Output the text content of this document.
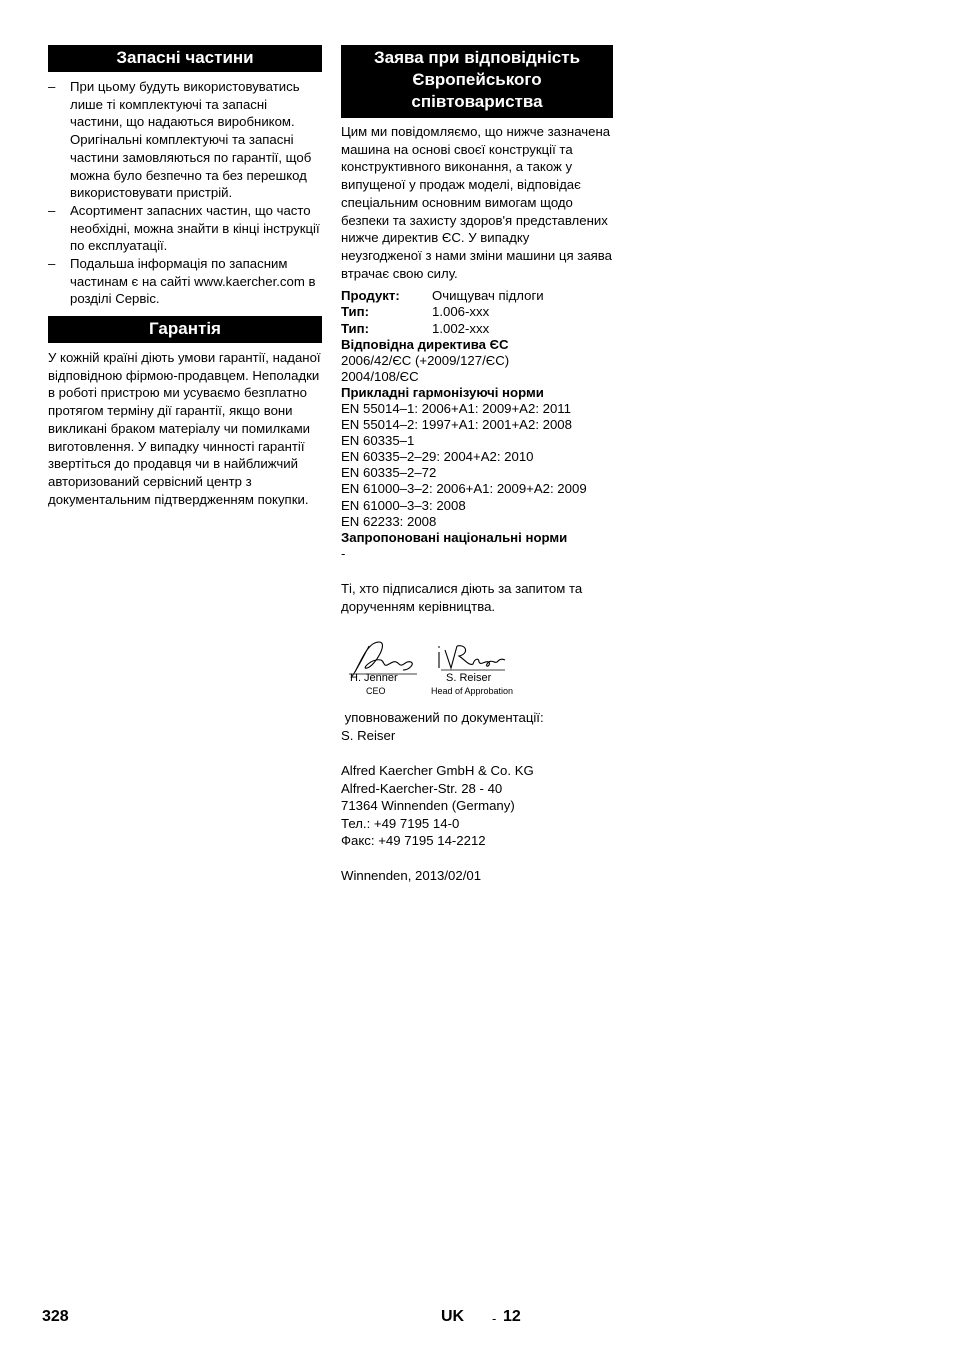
Запасні частини
– При цьому будуть використовуватись лише ті комплектуючі та запасні частини, що надаються виробником. Оригінальні комплектуючі та запасні частини замовляються по гарантії, щоб можна було безпечно та без перешкод використовувати пристрій.
– Асортимент запасних частин, що часто необхідні, можна знайти в кінці інструкції по експлуатації.
– Подальша інформація по запасним частинам є на сайті www.kaercher.com в розділі Сервіс.
Гарантія

У кожній країні діють умови гарантії, наданої відповідною фірмою-продавцем. Неполадки в роботі пристрою ми усуваємо безплатно протягом терміну дії гарантії, якщо вони викликані браком матеріалу чи помилками виготовлення. У випадку чинності гарантії звертіться до продавця чи в найближчий авторизований сервісний центр з документальним підтвердженням покупки.

Заява при відповідність Європейського співтовариства

Цим ми повідомляємо, що нижче зазначена машина на основі своєї конструкції та конструктивного виконання, а також у випущеної у продаж моделі, відповідає спеціальним основним вимогам щодо безпеки та захисту здоров'я представлених нижче директив ЄС. У випадку неузгодженої з нами зміни машини ця заява втрачає свою силу.

Продукт:	Очищувач підлоги
Тип:	1.006-xxx
Тип:	1.002-xxx
Відповідна директива ЄС
2006/42/ЄС (+2009/127/ЄС)
2004/108/ЄС
Прикладні гармонізуючі норми
EN 55014–1: 2006+A1: 2009+A2: 2011
EN 55014–2: 1997+A1: 2001+A2: 2008
EN 60335–1
EN 60335–2–29: 2004+A2: 2010
EN 60335–2–72
EN 61000–3–2: 2006+A1: 2009+A2: 2009
EN 61000–3–3: 2008
EN 62233: 2008
Запропоновані національні норми
-

Ті, хто підписалися діють за запитом та дорученням керівництва.

H. Jenner	S. Reiser
CEO	Head of Approbation

уповноважений по документації:

S. Reiser

Alfred Kaercher GmbH & Co. KG

Alfred-Kaercher-Str. 28 - 40

71364 Winnenden (Germany)

Тел.: +49 7195 14-0

Факс: +49 7195 14-2212

Winnenden, 2013/02/01

328	UK - 12
